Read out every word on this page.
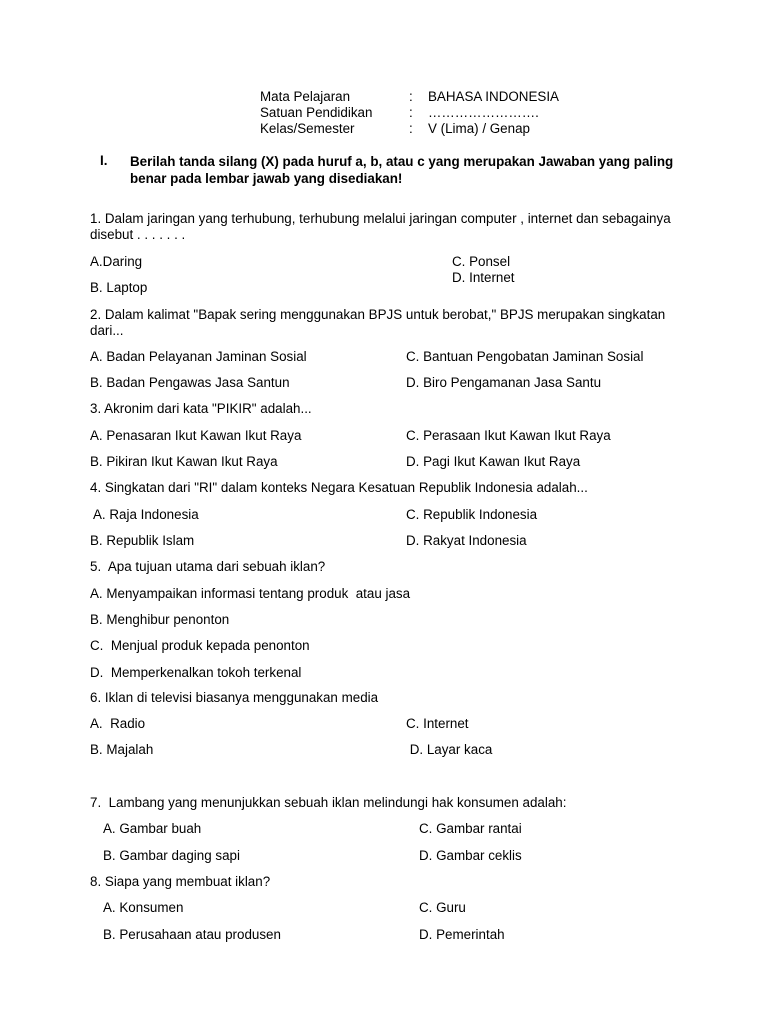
Mata Pelajaran	: BAHASA INDONESIA
Satuan Pendidikan	: …………………….
Kelas/Semester	: V (Lima) / Genap
I. Berilah tanda silang (X) pada huruf a, b, atau c yang merupakan Jawaban yang paling benar pada lembar jawab yang disediakan!
1. Dalam jaringan yang terhubung, terhubung melalui jaringan computer , internet dan sebagainya disebut . . . . . . .
A.Daring	C. Ponsel
D. Internet
B. Laptop
2. Dalam kalimat "Bapak sering menggunakan BPJS untuk berobat," BPJS merupakan singkatan dari...
A. Badan Pelayanan Jaminan Sosial	C. Bantuan Pengobatan Jaminan Sosial
B. Badan Pengawas Jasa Santun	D. Biro Pengamanan Jasa Santu
3. Akronim dari kata "PIKIR" adalah...
A. Penasaran Ikut Kawan Ikut Raya	C. Perasaan Ikut Kawan Ikut Raya
B. Pikiran Ikut Kawan Ikut Raya	D. Pagi Ikut Kawan Ikut Raya
4. Singkatan dari "RI" dalam konteks Negara Kesatuan Republik Indonesia adalah...
A. Raja Indonesia	C. Republik Indonesia
B. Republik Islam	D. Rakyat Indonesia
5.  Apa tujuan utama dari sebuah iklan?
A. Menyampaikan informasi tentang produk  atau jasa
B. Menghibur penonton
C.  Menjual produk kepada penonton
D.  Memperkenalkan tokoh terkenal
6. Iklan di televisi biasanya menggunakan media
A.  Radio	C. Internet
B. Majalah	D. Layar kaca
7.  Lambang yang menunjukkan sebuah iklan melindungi hak konsumen adalah:
A. Gambar buah	C. Gambar rantai
B. Gambar daging sapi	D. Gambar ceklis
8. Siapa yang membuat iklan?
A. Konsumen	C. Guru
B. Perusahaan atau produsen	D. Pemerintah
